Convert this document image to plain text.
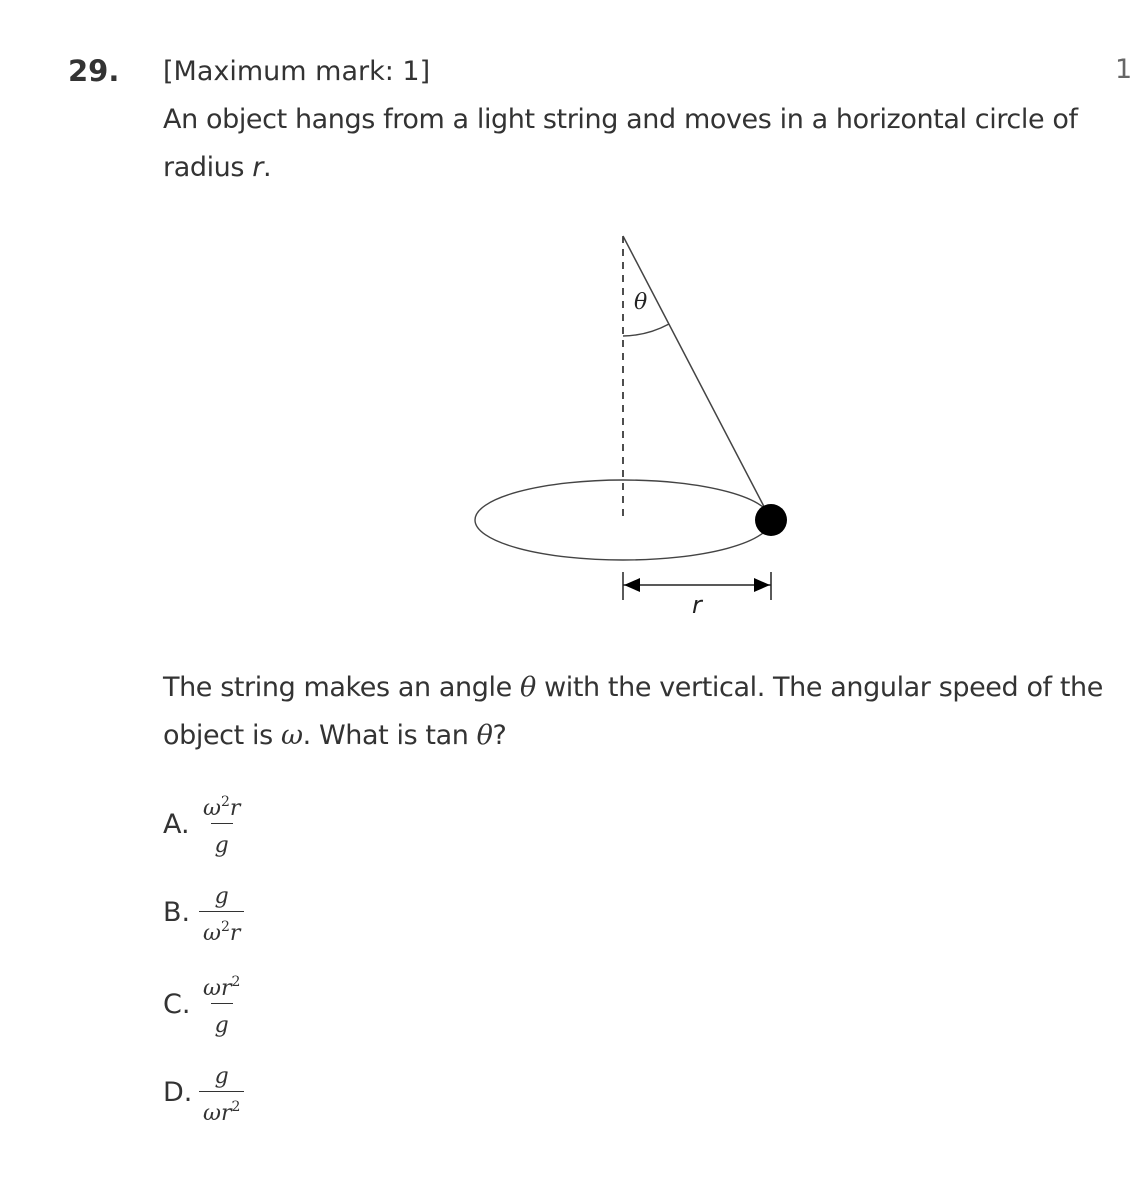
29.	1
[Maximum mark: 1]
An object hangs from a light string and moves in a horizontal circle of radius r.
θ
r
The string makes an angle θ with the vertical. The angular speed of the object is ω. What is tan θ?
A. $\frac{\omega^2r}{g}$
B. $\frac{g}{\omega^2r}$
C. $\frac{\omega r^2}{g}$
D. $\frac{g}{\omega r^2}$
